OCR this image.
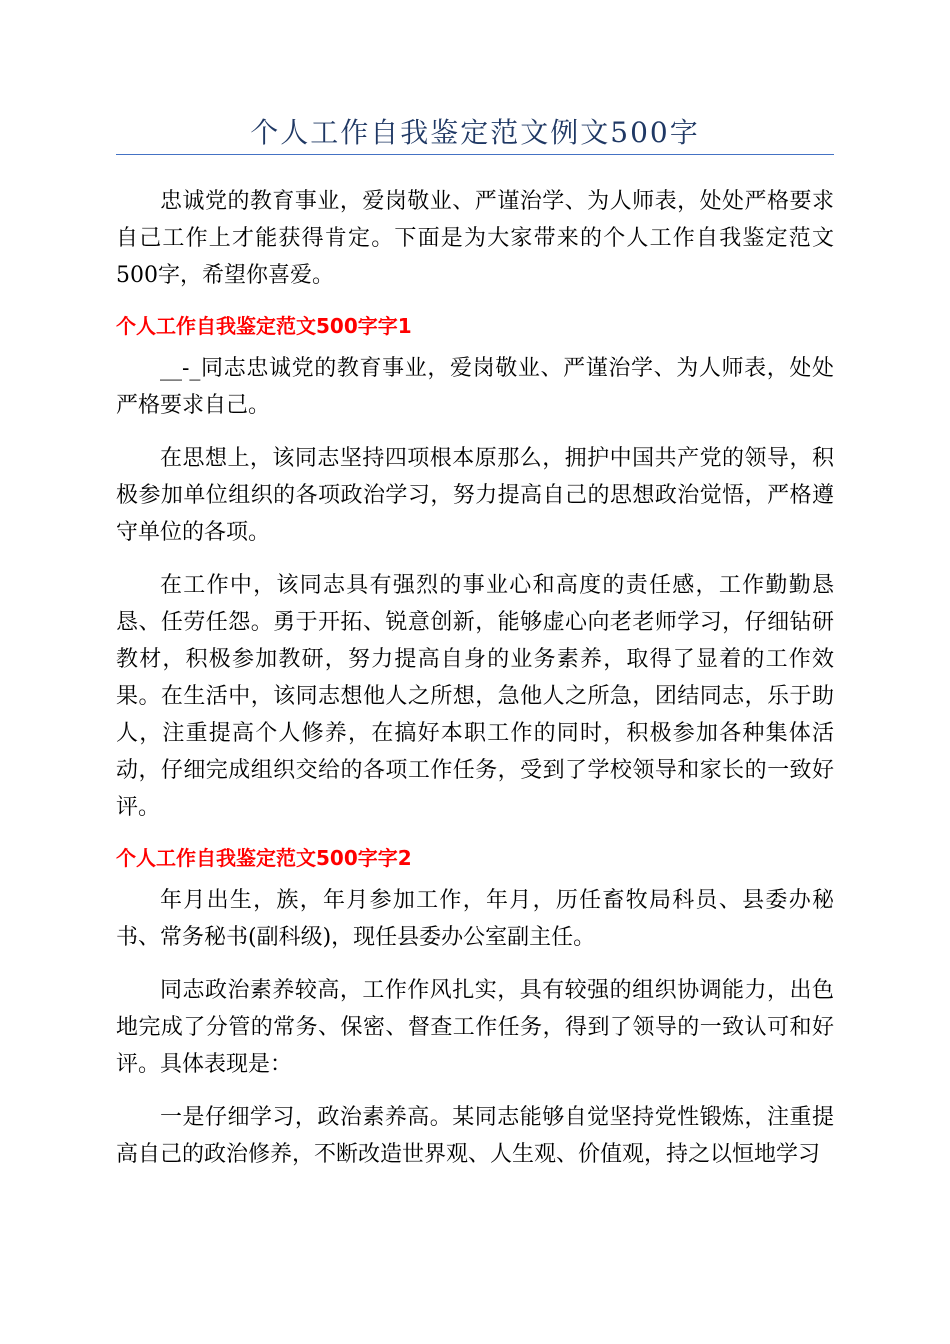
个人工作自我鉴定范文例文500字

忠诚党的教育事业，爱岗敬业、严谨治学、为人师表，处处严格要求自己工作上才能获得肯定。下面是为大家带来的个人工作自我鉴定范文500字，希望你喜爱。

个人工作自我鉴定范文500字字1

__-_同志忠诚党的教育事业，爱岗敬业、严谨治学、为人师表，处处严格要求自己。

在思想上，该同志坚持四项根本原那么，拥护中国共产党的领导，积极参加单位组织的各项政治学习，努力提高自己的思想政治觉悟，严格遵守单位的各项。

在工作中，该同志具有强烈的事业心和高度的责任感，工作勤勤恳恳、任劳任怨。勇于开拓、锐意创新，能够虚心向老老师学习，仔细钻研教材，积极参加教研，努力提高自身的业务素养，取得了显着的工作效果。在生活中，该同志想他人之所想，急他人之所急，团结同志，乐于助人，注重提高个人修养，在搞好本职工作的同时，积极参加各种集体活动，仔细完成组织交给的各项工作任务，受到了学校领导和家长的一致好评。

个人工作自我鉴定范文500字字2

年月出生，族，年月参加工作，年月，历任畜牧局科员、县委办秘书、常务秘书(副科级)，现任县委办公室副主任。

同志政治素养较高，工作作风扎实，具有较强的组织协调能力，出色地完成了分管的常务、保密、督查工作任务，得到了领导的一致认可和好评。具体表现是：

一是仔细学习，政治素养高。某同志能够自觉坚持党性锻炼，注重提高自己的政治修养，不断改造世界观、人生观、价值观，持之以恒地学习
